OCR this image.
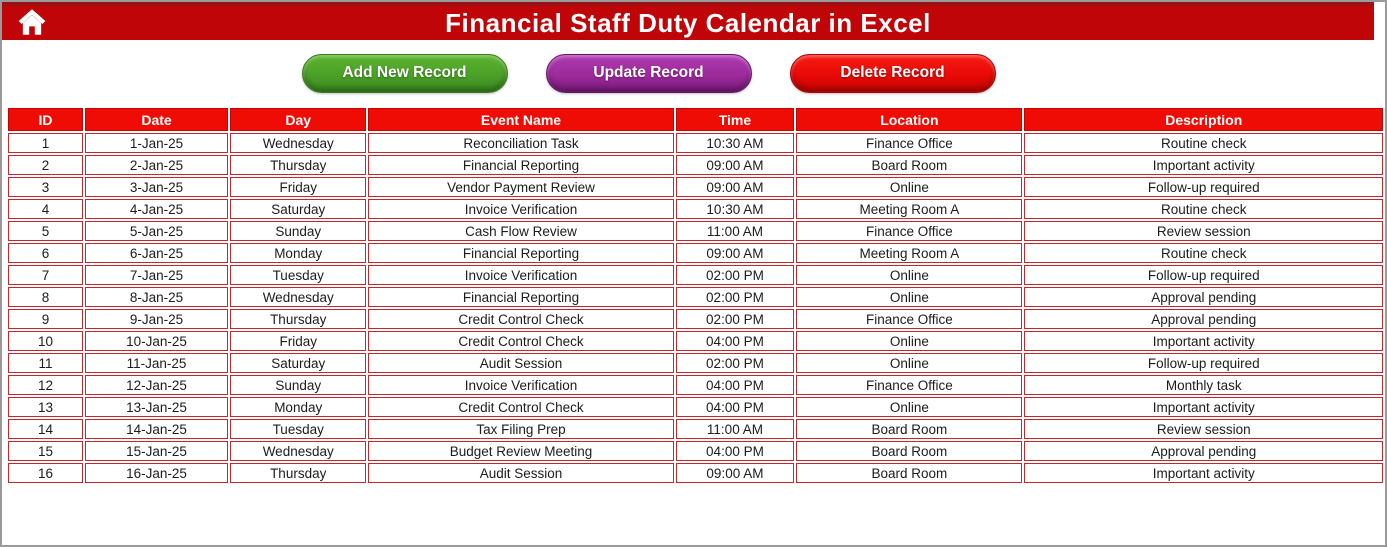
Financial Staff Duty Calendar in Excel
Add New Record	Update Record	Delete Record
ID	Date	Day	Event Name	Time	Location	Description
1	1-Jan-25	Wednesday	Reconciliation Task	10:30 AM	Finance Office	Routine check
2	2-Jan-25	Thursday	Financial Reporting	09:00 AM	Board Room	Important activity
3	3-Jan-25	Friday	Vendor Payment Review	09:00 AM	Online	Follow-up required
4	4-Jan-25	Saturday	Invoice Verification	10:30 AM	Meeting Room A	Routine check
5	5-Jan-25	Sunday	Cash Flow Review	11:00 AM	Finance Office	Review session
6	6-Jan-25	Monday	Financial Reporting	09:00 AM	Meeting Room A	Routine check
7	7-Jan-25	Tuesday	Invoice Verification	02:00 PM	Online	Follow-up required
8	8-Jan-25	Wednesday	Financial Reporting	02:00 PM	Online	Approval pending
9	9-Jan-25	Thursday	Credit Control Check	02:00 PM	Finance Office	Approval pending
10	10-Jan-25	Friday	Credit Control Check	04:00 PM	Online	Important activity
11	11-Jan-25	Saturday	Audit Session	02:00 PM	Online	Follow-up required
12	12-Jan-25	Sunday	Invoice Verification	04:00 PM	Finance Office	Monthly task
13	13-Jan-25	Monday	Credit Control Check	04:00 PM	Online	Important activity
14	14-Jan-25	Tuesday	Tax Filing Prep	11:00 AM	Board Room	Review session
15	15-Jan-25	Wednesday	Budget Review Meeting	04:00 PM	Board Room	Approval pending
16	16-Jan-25	Thursday	Audit Session	09:00 AM	Board Room	Important activity
